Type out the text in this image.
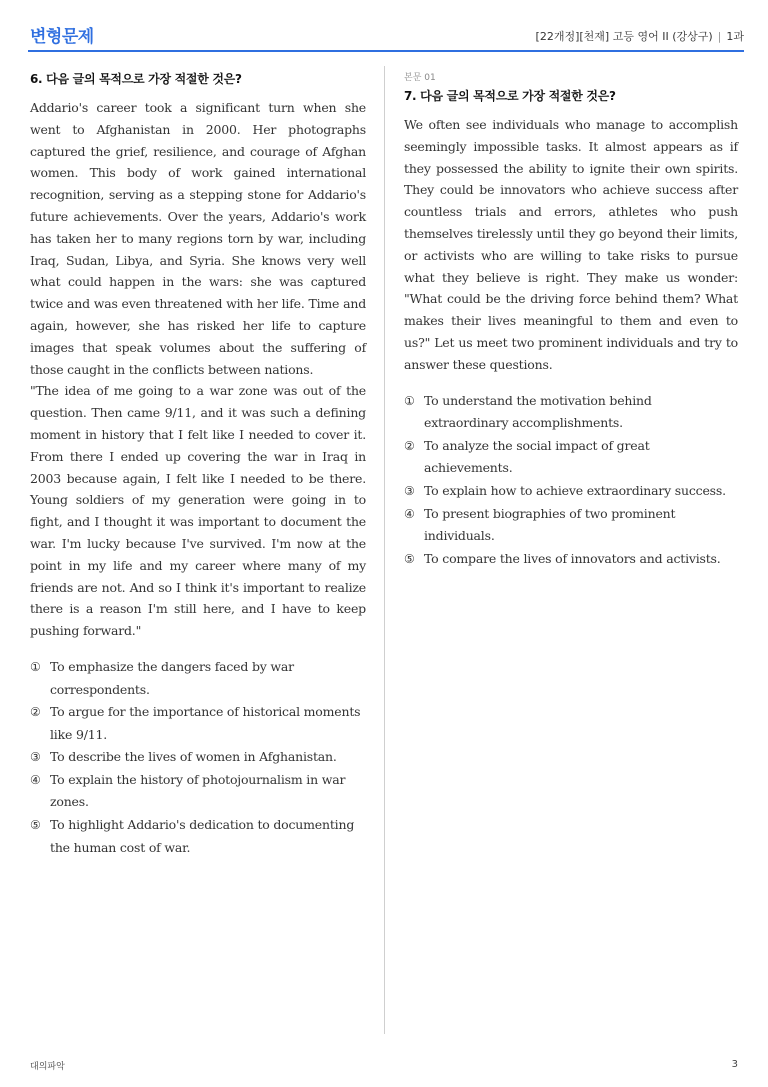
변형문제	[22개정][천재] 고등 영어 II (강상구) | 1과
6. 다음 글의 목적으로 가장 적절한 것은?

Addario's career took a significant turn when she went to Afghanistan in 2000. Her photographs captured the grief, resilience, and courage of Afghan women. This body of work gained international recognition, serving as a stepping stone for Addario's future achievements. Over the years, Addario's work has taken her to many regions torn by war, including Iraq, Sudan, Libya, and Syria. She knows very well what could happen in the wars: she was captured twice and was even threatened with her life. Time and again, however, she has risked her life to capture images that speak volumes about the suffering of those caught in the conflicts between nations.

"The idea of me going to a war zone was out of the question. Then came 9/11, and it was such a defining moment in history that I felt like I needed to cover it. From there I ended up covering the war in Iraq in 2003 because again, I felt like I needed to be there. Young soldiers of my generation were going in to fight, and I thought it was important to document the war. I'm lucky because I've survived. I'm now at the point in my life and my career where many of my friends are not. And so I think it's important to realize there is a reason I'm still here, and I have to keep pushing forward."

① To emphasize the dangers faced by war correspondents.
② To argue for the importance of historical moments like 9/11.
③ To describe the lives of women in Afghanistan.
④ To explain the history of photojournalism in war zones.
⑤ To highlight Addario's dedication to documenting the human cost of war.
본문 01
7. 다음 글의 목적으로 가장 적절한 것은?

We often see individuals who manage to accomplish seemingly impossible tasks. It almost appears as if they possessed the ability to ignite their own spirits. They could be innovators who achieve success after countless trials and errors, athletes who push themselves tirelessly until they go beyond their limits, or activists who are willing to take risks to pursue what they believe is right. They make us wonder: "What could be the driving force behind them? What makes their lives meaningful to them and even to us?" Let us meet two prominent individuals and try to answer these questions.

① To understand the motivation behind extraordinary accomplishments.
② To analyze the social impact of great achievements.
③ To explain how to achieve extraordinary success.
④ To present biographies of two prominent individuals.
⑤ To compare the lives of innovators and activists.
대의파악	3
